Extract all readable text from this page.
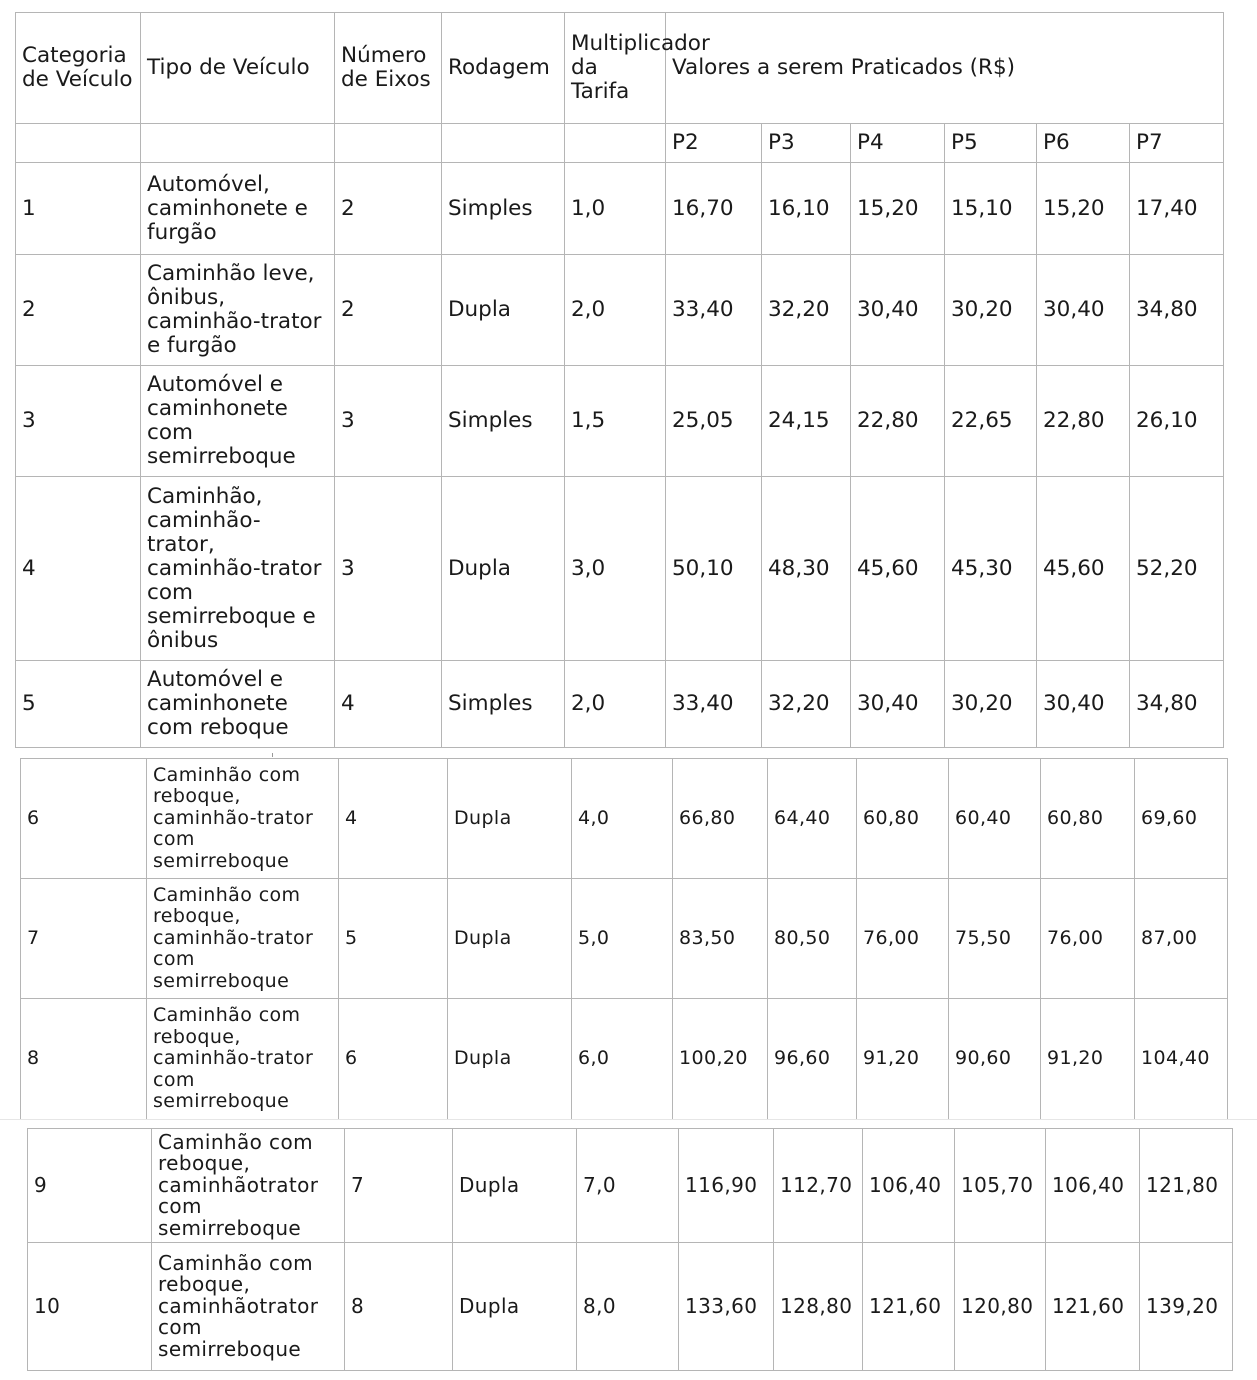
Categoria de Veículo	Tipo de Veículo	Número de Eixos	Rodagem	Multiplicador da Tarifa	Valores a serem Praticados (R$)					
					P2	P3	P4	P5	P6	P7
1	Automóvel, caminhonete e furgão	2	Simples	1,0	16,70	16,10	15,20	15,10	15,20	17,40
2	Caminhão leve, ônibus, caminhão-trator e furgão	2	Dupla	2,0	33,40	32,20	30,40	30,20	30,40	34,80
3	Automóvel e caminhonete com semirreboque	3	Simples	1,5	25,05	24,15	22,80	22,65	22,80	26,10
4	Caminhão, caminhão-trator, caminhão-trator com semirreboque e ônibus	3	Dupla	3,0	50,10	48,30	45,60	45,30	45,60	52,20
5	Automóvel e caminhonete com reboque	4	Simples	2,0	33,40	32,20	30,40	30,20	30,40	34,80
6	Caminhão com reboque, caminhão-trator com semirreboque	4	Dupla	4,0	66,80	64,40	60,80	60,40	60,80	69,60
7	Caminhão com reboque, caminhão-trator com semirreboque	5	Dupla	5,0	83,50	80,50	76,00	75,50	76,00	87,00
8	Caminhão com reboque, caminhão-trator com semirreboque	6	Dupla	6,0	100,20	96,60	91,20	90,60	91,20	104,40
9	Caminhão com reboque, caminhãotrator com semirreboque	7	Dupla	7,0	116,90	112,70	106,40	105,70	106,40	121,80
10	Caminhão com reboque, caminhãotrator com semirreboque	8	Dupla	8,0	133,60	128,80	121,60	120,80	121,60	139,20
